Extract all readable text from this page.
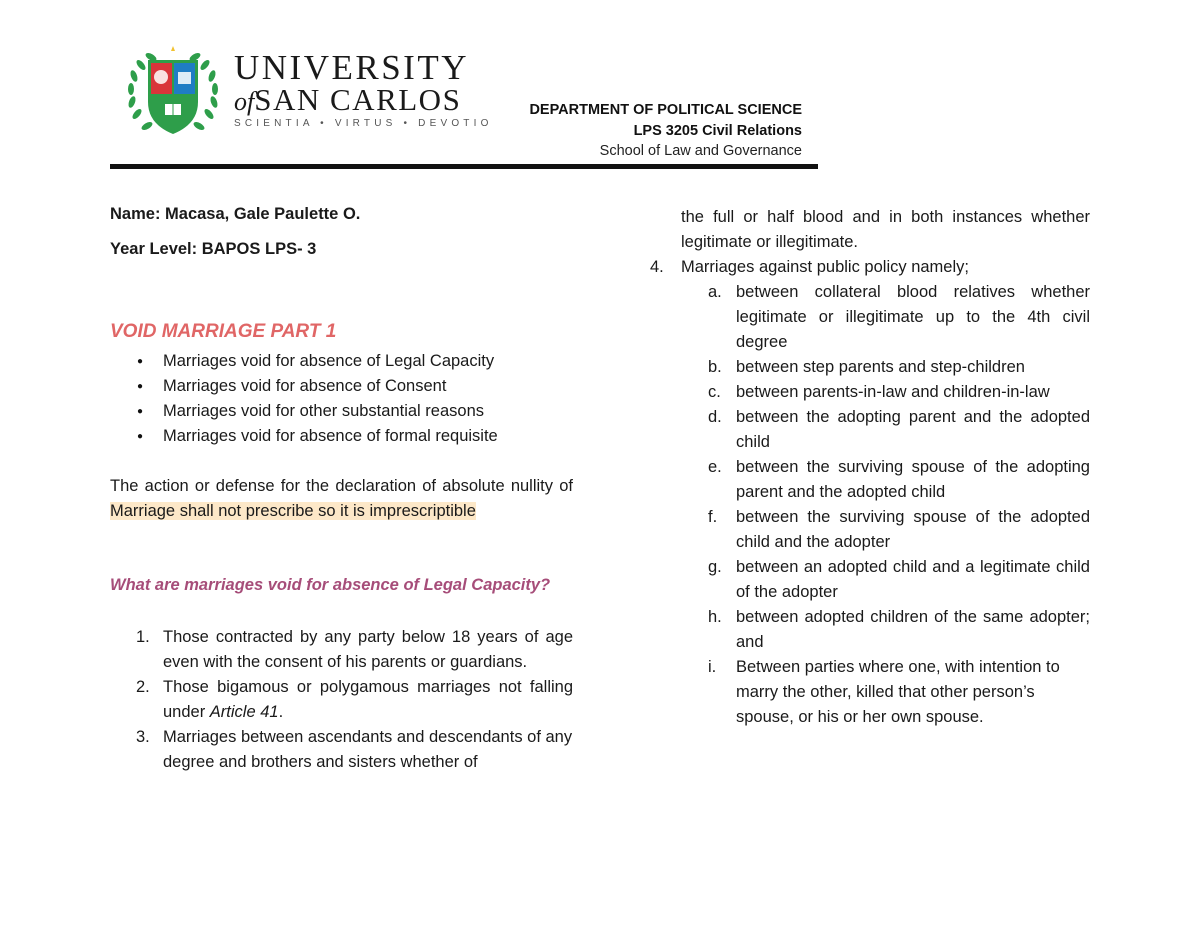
UNIVERSITY
ofSAN CARLOS
SCIENTIA • VIRTUS • DEVOTIO
DEPARTMENT OF POLITICAL SCIENCE
LPS 3205 Civil Relations
School of Law and Governance
Name: Macasa, Gale Paulette O.
Year Level: BAPOS LPS- 3
VOID MARRIAGE PART 1
● Marriages void for absence of Legal Capacity
● Marriages void for absence of Consent
● Marriages void for other substantial reasons
● Marriages void for absence of formal requisite
The action or defense for the declaration of absolute nullity of Marriage shall not prescribe so it is imprescriptible
What are marriages void for absence of Legal Capacity?
1. Those contracted by any party below 18 years of age even with the consent of his parents or guardians.
2. Those bigamous or polygamous marriages not falling under Article 41.
3. Marriages between ascendants and descendants of any degree and brothers and sisters whether of
the full or half blood and in both instances whether legitimate or illegitimate.
4. Marriages against public policy namely;
a. between collateral blood relatives whether legitimate or illegitimate up to the 4th civil degree
b. between step parents and step-children
c. between parents-in-law and children-in-law
d. between the adopting parent and the adopted child
e. between the surviving spouse of the adopting parent and the adopted child
f. between the surviving spouse of the adopted child and the adopter
g. between an adopted child and a legitimate child of the adopter
h. between adopted children of the same adopter; and
i. Between parties where one, with intention to marry the other, killed that other person’s spouse, or his or her own spouse.
